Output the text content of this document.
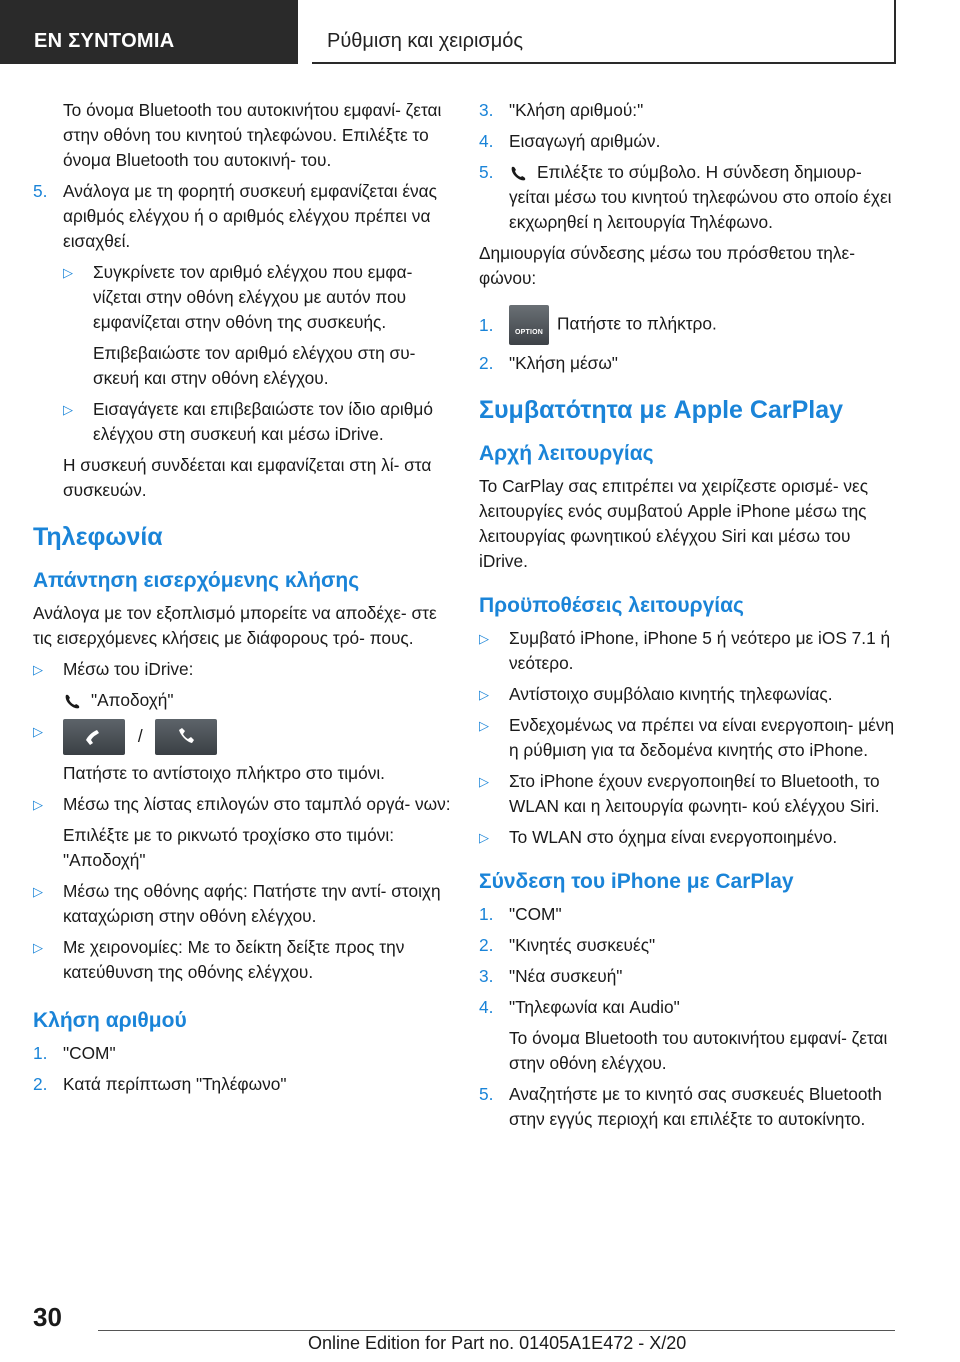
ΕΝ ΣΥΝΤΟΜΙΑ	Ρύθμιση και χειρισμός
Το όνομα Bluetooth του αυτοκινήτου εμφανί- ζεται στην οθόνη του κινητού τηλεφώνου. Επιλέξτε το όνομα Bluetooth του αυτοκινή- του.
5. Ανάλογα με τη φορητή συσκευή εμφανίζεται ένας αριθμός ελέγχου ή ο αριθμός ελέγχου πρέπει να εισαχθεί.
▷	Συγκρίνετε τον αριθμό ελέγχου που εμφα- νίζεται στην οθόνη ελέγχου με αυτόν που εμφανίζεται στην οθόνη της συσκευής.
Επιβεβαιώστε τον αριθμό ελέγχου στη συ- σκευή και στην οθόνη ελέγχου.
▷	Εισαγάγετε και επιβεβαιώστε τον ίδιο αριθμό ελέγχου στη συσκευή και μέσω iDrive.
Η συσκευή συνδέεται και εμφανίζεται στη λί- στα συσκευών.
Τηλεφωνία
Απάντηση εισερχόμενης κλήσης
Ανάλογα με τον εξοπλισμό μπορείτε να αποδέχε- στε τις εισερχόμενες κλήσεις με διάφορους τρό- πους.
▷	Μέσω του iDrive:
"Αποδοχή"
▷	/
Πατήστε το αντίστοιχο πλήκτρο στο τιμόνι.
▷	Μέσω της λίστας επιλογών στο ταμπλό οργά- νων:
Επιλέξτε με το ρικνωτό τροχίσκο στο τιμόνι: "Αποδοχή"
▷	Μέσω της οθόνης αφής: Πατήστε την αντί- στοιχη καταχώριση στην οθόνη ελέγχου.
▷	Με χειρονομίες: Με το δείκτη δείξτε προς την κατεύθυνση της οθόνης ελέγχου.
Κλήση αριθμού
1. "COM"
2. Κατά περίπτωση "Τηλέφωνο"
3. "Κλήση αριθμού:"
4. Εισαγωγή αριθμών.
5.	Επιλέξτε το σύμβολο. Η σύνδεση δημιουρ- γείται μέσω του κινητού τηλεφώνου στο οποίο έχει εκχωρηθεί η λειτουργία Τηλέφωνο.
Δημιουργία σύνδεσης μέσω του πρόσθετου τηλε- φώνου:
1.	OPTION Πατήστε το πλήκτρο.
2. "Κλήση μέσω"
Συμβατότητα με Apple CarPlay
Αρχή λειτουργίας
Το CarPlay σας επιτρέπει να χειρίζεστε ορισμέ- νες λειτουργίες ενός συμβατού Apple iPhone μέσω της λειτουργίας φωνητικού ελέγχου Siri και μέσω του iDrive.
Προϋποθέσεις λειτουργίας
▷	Συμβατό iPhone, iPhone 5 ή νεότερο με iOS 7.1 ή νεότερο.
▷	Αντίστοιχο συμβόλαιο κινητής τηλεφωνίας.
▷	Ενδεχομένως να πρέπει να είναι ενεργοποιη- μένη η ρύθμιση για τα δεδομένα κινητής στο iPhone.
▷	Στο iPhone έχουν ενεργοποιηθεί το Bluetooth, το WLAN και η λειτουργία φωνητι- κού ελέγχου Siri.
▷	Το WLAN στο όχημα είναι ενεργοποιημένο.
Σύνδεση του iPhone με CarPlay
1. "COM"
2. "Κινητές συσκευές"
3. "Νέα συσκευή"
4. "Τηλεφωνία και Audio"
Το όνομα Bluetooth του αυτοκινήτου εμφανί- ζεται στην οθόνη ελέγχου.
5. Αναζητήστε με το κινητό σας συσκευές Bluetooth στην εγγύς περιοχή και επιλέξτε το αυτοκίνητο.
30
Online Edition for Part no. 01405A1E472 - X/20
